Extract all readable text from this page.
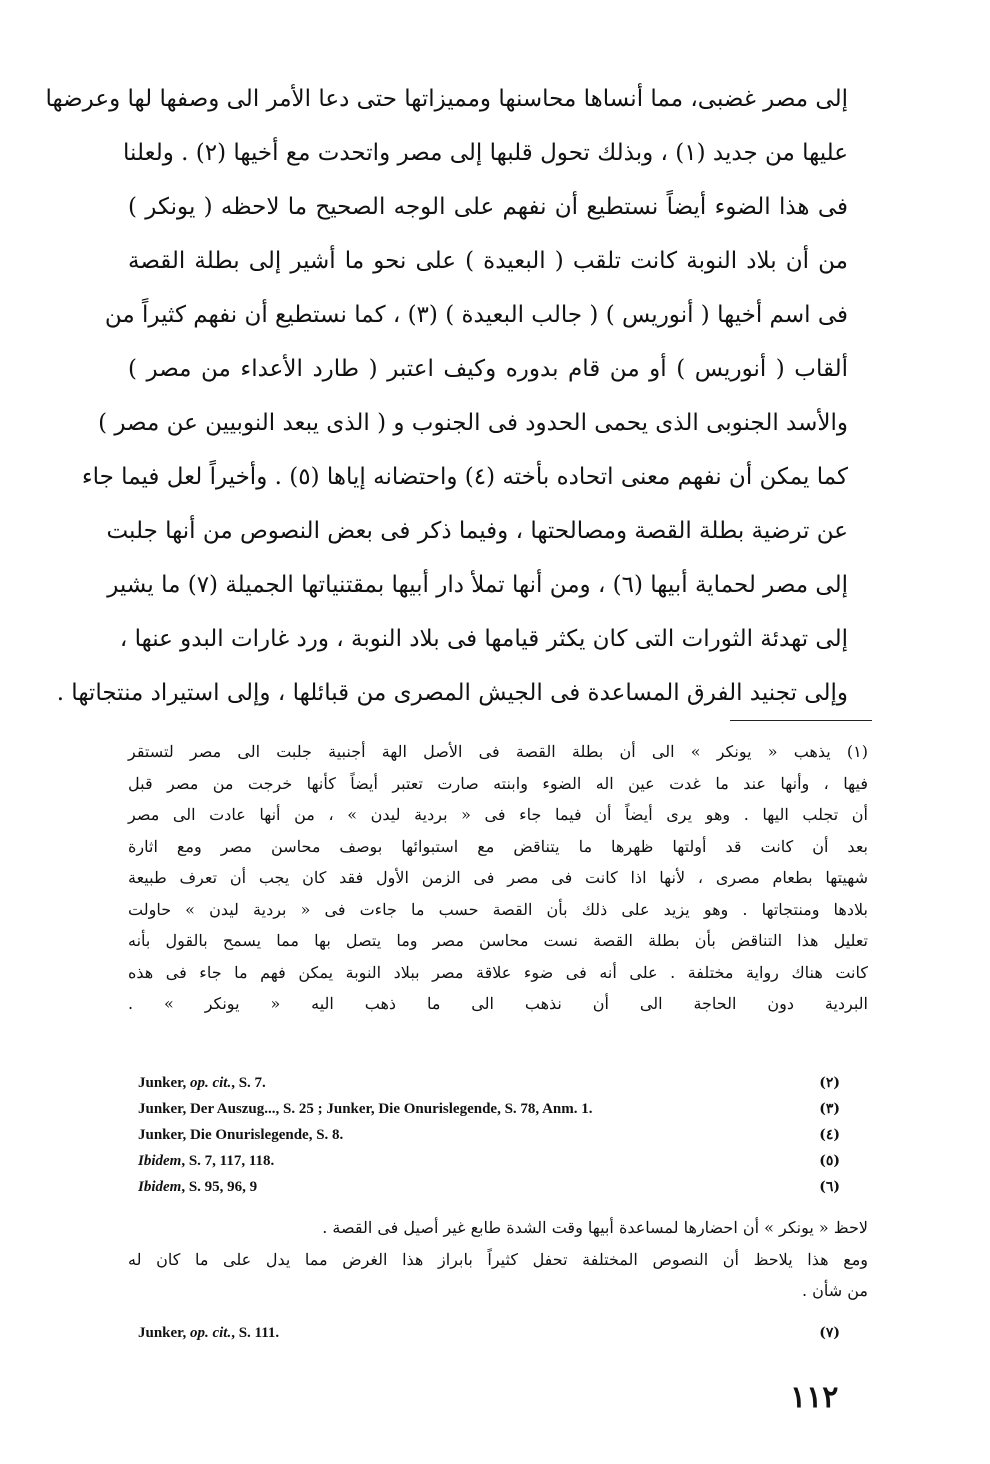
إلى مصر غضبى، مما أنساها محاسنها ومميزاتها حتى دعا الأمر الى وصفها لها وعرضها

عليها من جديد (١) ، وبذلك تحول قلبها إلى مصر واتحدت مع أخيها (٢) . ولعلنا

فى هذا الضوء أيضاً نستطيع أن نفهم على الوجه الصحيح ما لاحظه ( يونكر )

من أن بلاد النوبة كانت تلقب ( البعيدة ) على نحو ما أشير إلى بطلة القصة

فى اسم أخيها ( أنوريس ) ( جالب البعيدة ) (٣) ، كما نستطيع أن نفهم كثيراً من

ألقاب ( أنوريس ) أو من قام بدوره وكيف اعتبر ( طارد الأعداء من مصر )

والأسد الجنوبى الذى يحمى الحدود فى الجنوب و ( الذى يبعد النوبيين عن مصر )

كما يمكن أن نفهم معنى اتحاده بأخته (٤) واحتضانه إياها (٥) . وأخيراً لعل فيما جاء

عن ترضية بطلة القصة ومصالحتها ، وفيما ذكر فى بعض النصوص من أنها جلبت

إلى مصر لحماية أبيها (٦) ، ومن أنها تملأ دار أبيها بمقتنياتها الجميلة (٧) ما يشير

إلى تهدئة الثورات التى كان يكثر قيامها فى بلاد النوبة ، ورد غارات البدو عنها ،

وإلى تجنيد الفرق المساعدة فى الجيش المصرى من قبائلها ، وإلى استيراد منتجاتها .

(١) يذهب « يونكر » الى أن بطلة القصة فى الأصل الهة أجنبية جلبت الى مصر لتستقر

فيها ، وأنها عند ما غدت عين اله الضوء وابنته صارت تعتبر أيضاً كأنها خرجت من مصر قبل

أن تجلب اليها . وهو يرى أيضاً أن فيما جاء فى « بردية ليدن » ، من أنها عادت الى مصر

بعد أن كانت قد أولتها ظهرها ما يتناقض مع استبوائها بوصف محاسن مصر ومع اثارة

شهيتها بطعام مصرى ، لأنها اذا كانت فى مصر فى الزمن الأول فقد كان يجب أن تعرف طبيعة

بلادها ومنتجاتها . وهو يزيد على ذلك بأن القصة حسب ما جاءت فى « بردية ليدن » حاولت

تعليل هذا التناقض بأن بطلة القصة نست محاسن مصر وما يتصل بها مما يسمح بالقول بأنه

كانت هناك رواية مختلفة . على أنه فى ضوء علاقة مصر ببلاد النوبة يمكن فهم ما جاء فى هذه

البردية دون الحاجة الى أن نذهب الى ما ذهب اليه « يونكر » .

Junker, op. cit., S. 7.	(٢)
Junker, Der Auszug..., S. 25 ; Junker, Die Onurislegende, S. 78, Anm. 1.	(٣)
Junker, Die Onurislegende, S. 8.	(٤)
Ibidem, S. 7, 117, 118.	(٥)
Ibidem, S. 95, 96, 9	(٦)

لاحظ « يونكر » أن احضارها لمساعدة أبيها وقت الشدة طابع غير أصيل فى القصة .

ومع هذا يلاحظ أن النصوص المختلفة تحفل كثيراً بابراز هذا الغرض مما يدل على ما كان له

من شأن .

Junker, op. cit., S. 111.	(٧)
١١٢
